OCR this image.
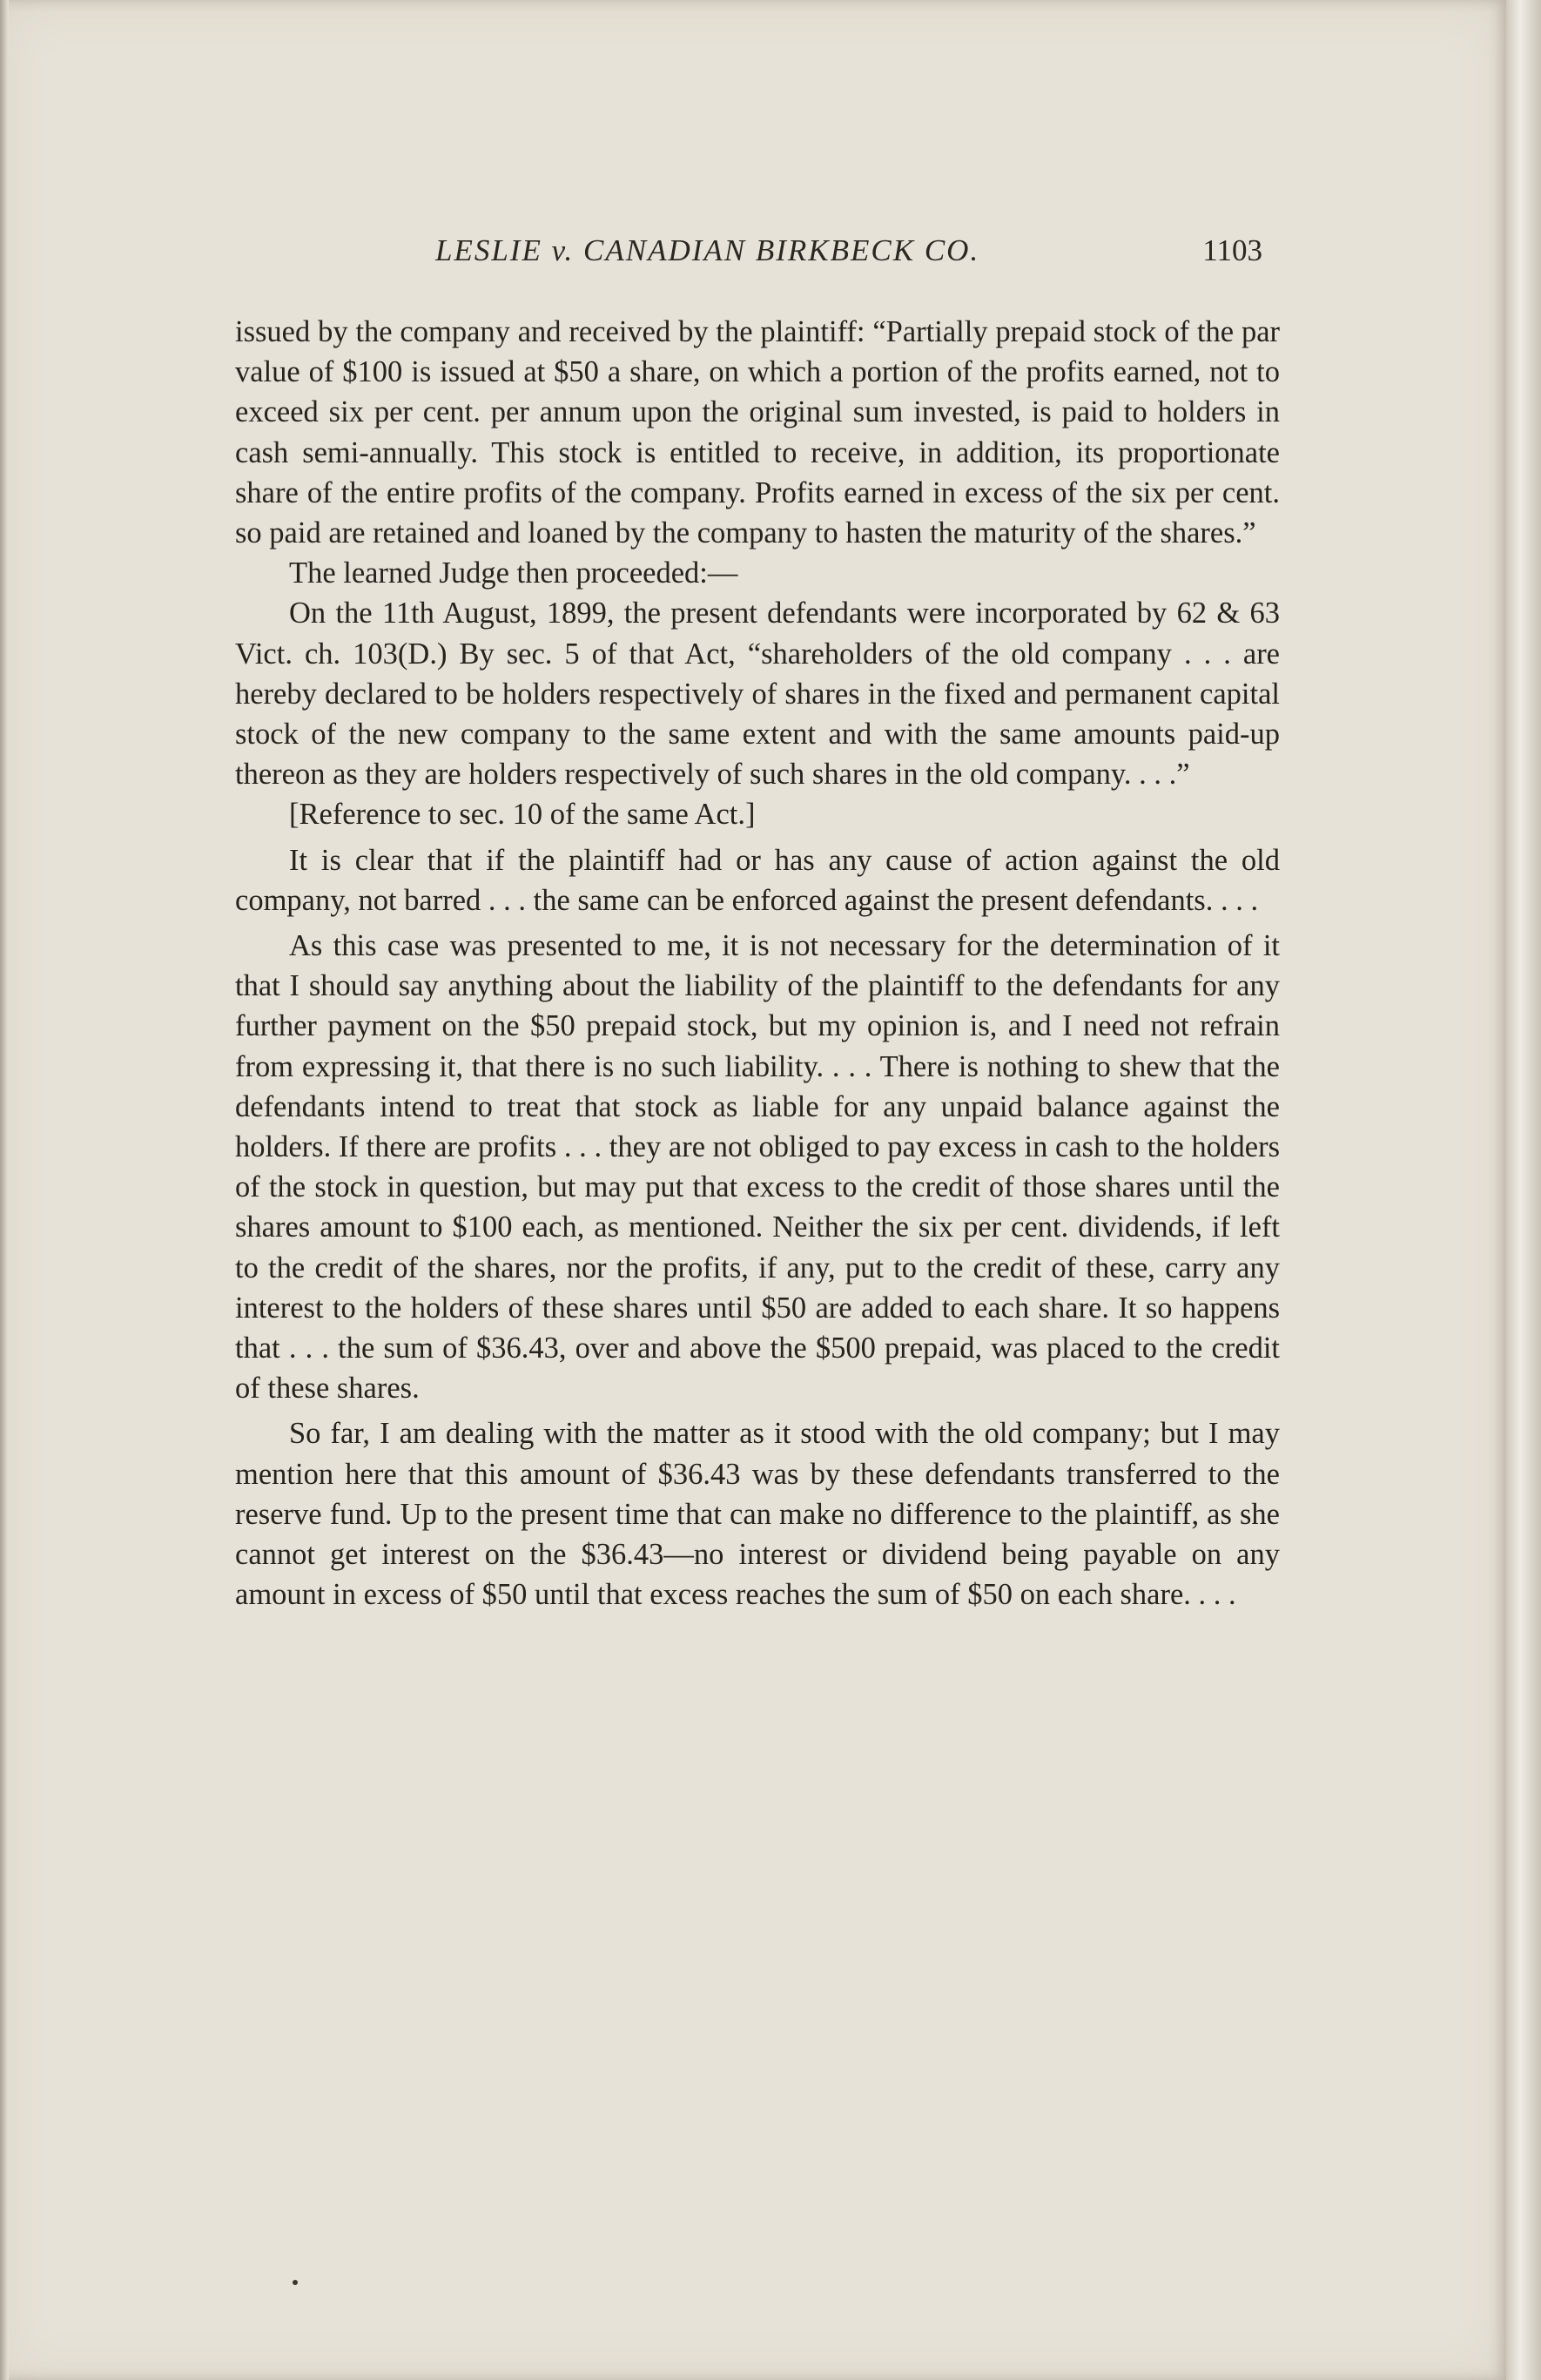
LESLIE v. CANADIAN BIRKBECK CO.	1103

issued by the company and received by the plaintiff: “Partially prepaid stock of the par value of $100 is issued at $50 a share, on which a portion of the profits earned, not to exceed six per cent. per annum upon the original sum invested, is paid to holders in cash semi-annually. This stock is entitled to receive, in addition, its proportionate share of the entire profits of the company. Profits earned in excess of the six per cent. so paid are retained and loaned by the company to hasten the maturity of the shares.”

The learned Judge then proceeded:—

On the 11th August, 1899, the present defendants were incorporated by 62 & 63 Vict. ch. 103(D.) By sec. 5 of that Act, “shareholders of the old company . . . are hereby declared to be holders respectively of shares in the fixed and permanent capital stock of the new company to the same extent and with the same amounts paid-up thereon as they are holders respectively of such shares in the old company. . . .”

[Reference to sec. 10 of the same Act.]

It is clear that if the plaintiff had or has any cause of action against the old company, not barred . . . the same can be enforced against the present defendants. . . .

As this case was presented to me, it is not necessary for the determination of it that I should say anything about the liability of the plaintiff to the defendants for any further payment on the $50 prepaid stock, but my opinion is, and I need not refrain from expressing it, that there is no such liability. . . . There is nothing to shew that the defendants intend to treat that stock as liable for any unpaid balance against the holders. If there are profits . . . they are not obliged to pay excess in cash to the holders of the stock in question, but may put that excess to the credit of those shares until the shares amount to $100 each, as mentioned. Neither the six per cent. dividends, if left to the credit of the shares, nor the profits, if any, put to the credit of these, carry any interest to the holders of these shares until $50 are added to each share. It so happens that . . . the sum of $36.43, over and above the $500 prepaid, was placed to the credit of these shares.

So far, I am dealing with the matter as it stood with the old company; but I may mention here that this amount of $36.43 was by these defendants transferred to the reserve fund. Up to the present time that can make no difference to the plaintiff, as she cannot get interest on the $36.43—no interest or dividend being payable on any amount in excess of $50 until that excess reaches the sum of $50 on each share. . . .
